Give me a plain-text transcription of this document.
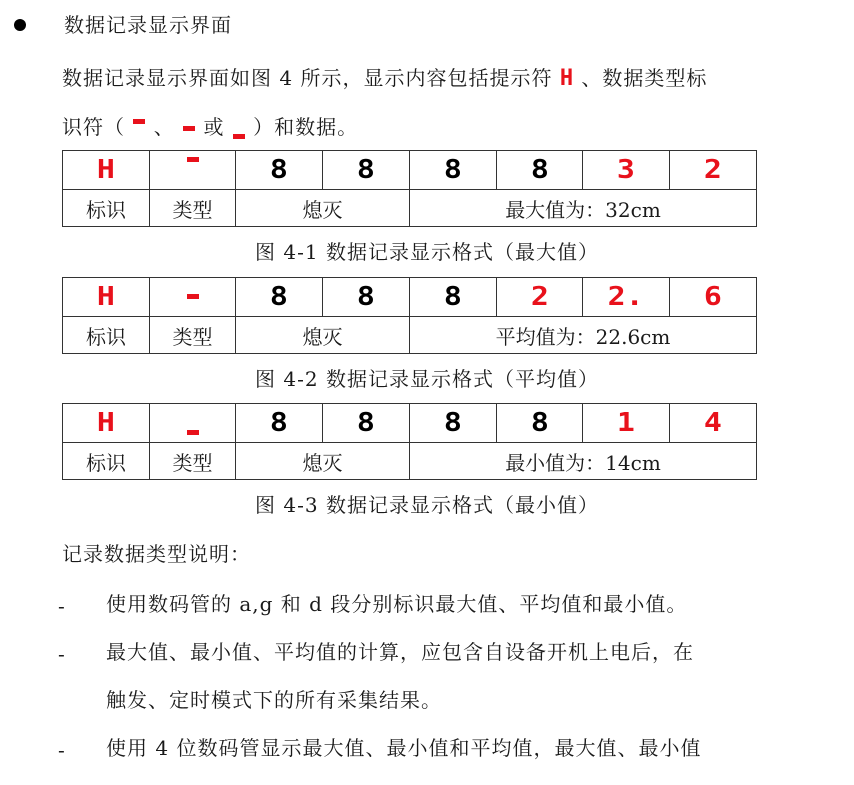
数据记录显示界面
数据记录显示界面如图 4 所示，显示内容包括提示符 H 、数据类型标
识符（ 、
或
）和数据。
H		8	8	8	8	3	2
标识	类型	熄灭		最大值为：32cm			
图 4-1 数据记录显示格式（最大值）
H		8	8	8	2	2.	6
标识	类型	熄灭		平均值为：22.6cm			
图 4-2 数据记录显示格式（平均值）
H		8	8	8	8	1	4
标识	类型	熄灭		最小值为：14cm			
图 4-3 数据记录显示格式（最小值）
记录数据类型说明：
- 使用数码管的 a,g 和 d 段分别标识最大值、平均值和最小值。
- 最大值、最小值、平均值的计算，应包含自设备开机上电后，在
触发、定时模式下的所有采集结果。
- 使用 4 位数码管显示最大值、最小值和平均值，最大值、最小值
